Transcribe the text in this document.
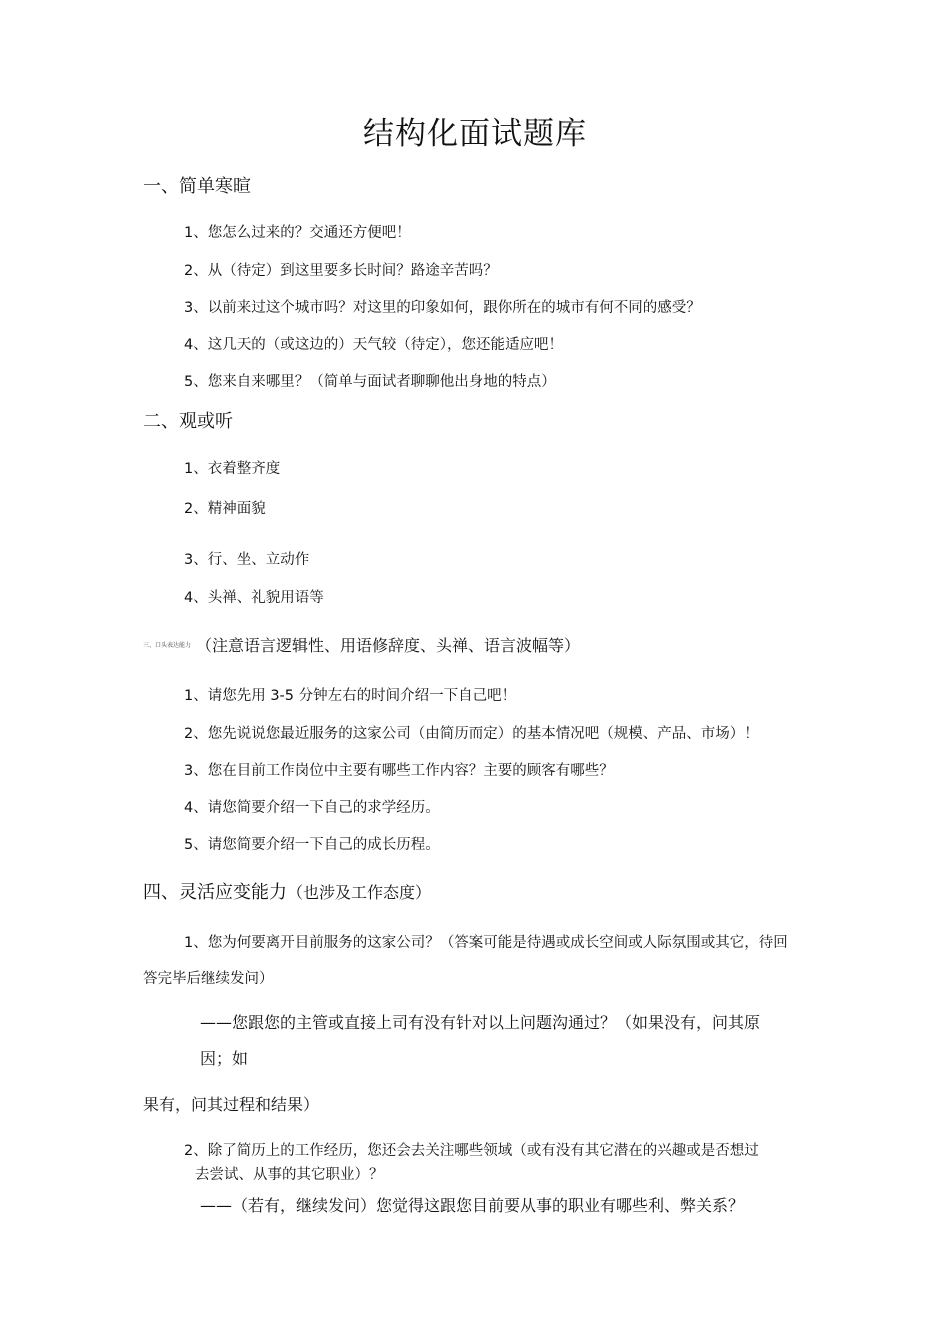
结构化面试题库
一、简单寒暄
1、您怎么过来的？交通还方便吧！
2、从（待定）到这里要多长时间？路途辛苦吗？
3、以前来过这个城市吗？对这里的印象如何，跟你所在的城市有何不同的感受？
4、这几天的（或这边的）天气较（待定），您还能适应吧！
5、您来自来哪里？（简单与面试者聊聊他出身地的特点）
二、观或听
1、衣着整齐度
2、精神面貌
3、行、坐、立动作
4、头禅、礼貌用语等
三、口头表达能力 （注意语言逻辑性、用语修辞度、头禅、语言波幅等）
1、请您先用 3-5 分钟左右的时间介绍一下自己吧！
2、您先说说您最近服务的这家公司（由简历而定）的基本情况吧（规模、产品、市场）！
3、您在目前工作岗位中主要有哪些工作内容？主要的顾客有哪些？
4、请您简要介绍一下自己的求学经历。
5、请您简要介绍一下自己的成长历程。
四、灵活应变能力（也涉及工作态度）
1、您为何要离开目前服务的这家公司？（答案可能是待遇或成长空间或人际氛围或其它，待回
答完毕后继续发问）
——您跟您的主管或直接上司有没有针对以上问题沟通过？（如果没有，问其原
因；如
果有，问其过程和结果）
2、除了简历上的工作经历，您还会去关注哪些领域（或有没有其它潜在的兴趣或是否想过
去尝试、从事的其它职业）？
——（若有，继续发问）您觉得这跟您目前要从事的职业有哪些利、弊关系？
